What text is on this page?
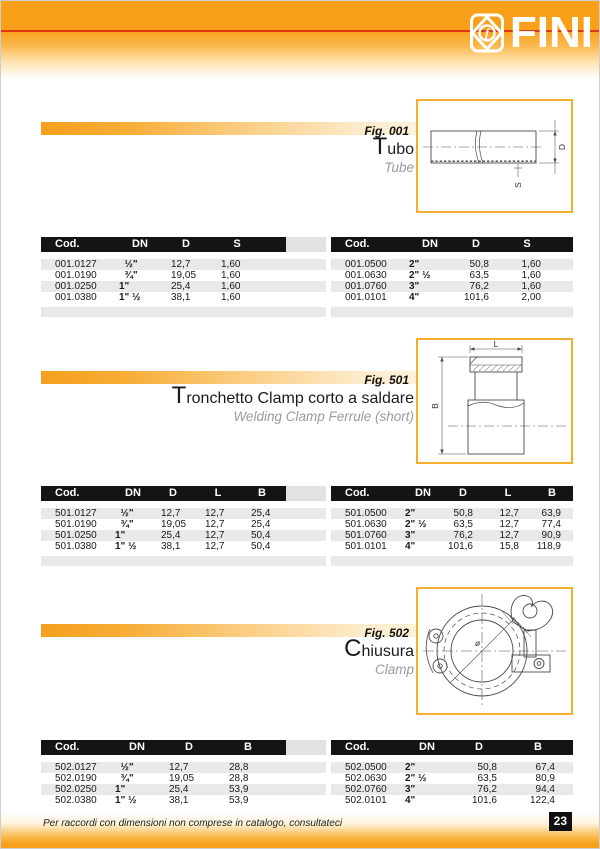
f FINI
Fig. 001
Tubo
Tube
D
S
Cod.	DN	D	S
001.0127	½"	12,7	1,60
001.0190	¾"	19,05	1,60
001.0250	1"	25,4	1,60
001.0380	1" ½	38,1	1,60
Cod.	DN	D	S
001.0500	2"	50,8	1,60
001.0630	2" ½	63,5	1,60
001.0760	3"	76,2	1,60
001.0101	4"	101,6	2,00
Fig. 501
Tronchetto Clamp corto a saldare
Welding Clamp Ferrule (short)
L
B
Cod.	DN	D	L	B
501.0127	½"	12,7	12,7	25,4
501.0190	¾"	19,05	12,7	25,4
501.0250	1"	25,4	12,7	50,4
501.0380	1" ½	38,1	12,7	50,4
Cod.	DN	D	L	B
501.0500	2"	50,8	12,7	63,9
501.0630	2" ½	63,5	12,7	77,4
501.0760	3"	76,2	12,7	90,9
501.0101	4"	101,6	15,8	118,9
Fig. 502
Chiusura
Clamp
ø
Cod.	DN	D	B
502.0127	½"	12,7	28,8
502.0190	¾"	19,05	28,8
502.0250	1"	25,4	53,9
502.0380	1" ½	38,1	53,9
Cod.	DN	D	B
502.0500	2"	50,8	67,4
502.0630	2" ½	63,5	80,9
502.0760	3"	76,2	94,4
502.0101	4"	101,6	122,4
Per raccordi con dimensioni non comprese in catalogo, consultateci	23
